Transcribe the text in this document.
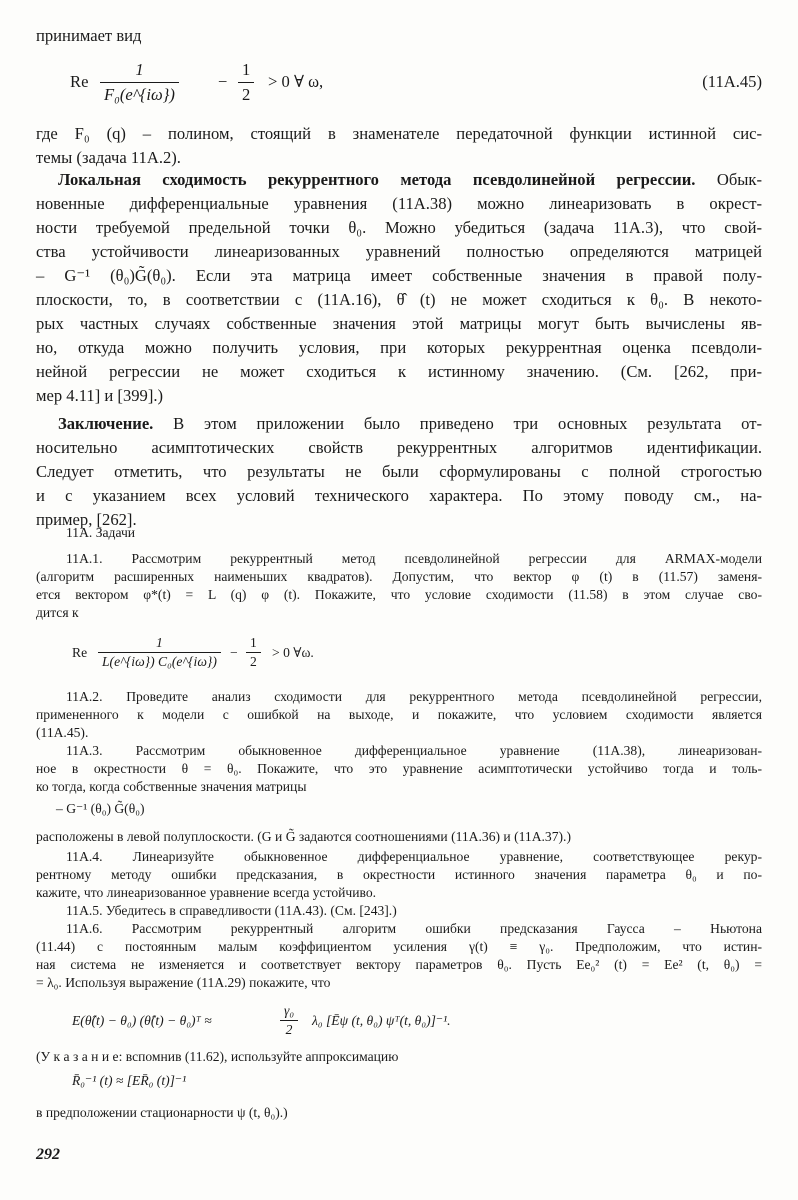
принимает вид
Re $\frac{1}{\text{F₀(e\textasciicircum{}\{iω\})}} - \frac{1}{2} > 0$ ∀ ω,	(11A.45)
где F₀ (q) – полином, стоящий в знаменателе передаточной функции истинной сис-
темы (задача 11А.2).
Локальная сходимость рекуррентного метода псевдолинейной регрессии. Обык-
новенные дифференциальные уравнения (11А.38) можно линеаризовать в окрест-
ности требуемой предельной точки θ₀. Можно убедиться (задача 11А.3), что свой-
ства устойчивости линеаризованных уравнений полностью определяются матрицей
– G⁻¹ (θ₀)G̃(θ₀). Если эта матрица имеет собственные значения в правой полу-
плоскости, то, в соответствии с (11А.16), θ̂ (t) не может сходиться к θ₀. В некото-
рых частных случаях собственные значения этой матрицы могут быть вычислены яв-
но, откуда можно получить условия, при которых рекуррентная оценка псевдоли-
нейной регрессии не может сходиться к истинному значению. (См. [262, при-
мер 4.11] и [399].)
Заключение. В этом приложении было приведено три основных результата от-
носительно асимптотических свойств рекуррентных алгоритмов идентификации.
Следует отметить, что результаты не были сформулированы с полной строгостью
и с указанием всех условий технического характера. По этому поводу см., на-
пример, [262].
11А. Задачи
11А.1. Рассмотрим рекуррентный метод псевдолинейной регрессии для ARMAX-модели
(алгоритм расширенных наименьших квадратов). Допустим, что вектор φ (t) в (11.57) заменя-
ется вектором φ*(t) = L (q) φ (t). Покажите, что условие сходимости (11.58) в этом случае сво-
дится к
Re $\frac{1}{\text{L(e\textasciicircum{}\{iω\}) C₀(e\textasciicircum{}\{iω\})}} - \frac{1}{2} > 0$ ∀ω.
11А.2. Проведите анализ сходимости для рекуррентного метода псевдолинейной регрессии,
примененного к модели с ошибкой на выходе, и покажите, что условием сходимости является
(11А.45).
11А.3. Рассмотрим обыкновенное дифференциальное уравнение (11А.38), линеаризован-
ное в окрестности θ = θ₀. Покажите, что это уравнение асимптотически устойчиво тогда и толь-
ко тогда, когда собственные значения матрицы
– G⁻¹ (θ₀) G̃(θ₀)
расположены в левой полуплоскости. (G и G̃ задаются соотношениями (11А.36) и (11А.37).)
11А.4. Линеаризуйте обыкновенное дифференциальное уравнение, соответствующее рекур-
рентному методу ошибки предсказания, в окрестности истинного значения параметра θ₀ и по-
кажите, что линеаризованное уравнение всегда устойчиво.
11А.5. Убедитесь в справедливости (11А.43). (См. [243].)
11А.6. Рассмотрим рекуррентный алгоритм ошибки предсказания Гаусса – Ньютона
(11.44) с постоянным малым коэффициентом усиления γ(t) ≡ γ₀. Предположим, что истин-
ная система не изменяется и соответствует вектору параметров θ₀. Пусть Ee₀² (t) = Ee² (t, θ₀) =
= λ₀. Используя выражение (11А.29) покажите, что
E(θ̂(t) − θ₀) (θ̂(t) − θ₀)ᵀ ≈	$\frac{\text{γ₀}}{2} \lambda_0$ [Ēψ (t, θ₀) ψᵀ(t, θ₀)]⁻¹.
(У к а з а н и е: вспомнив (11.62), используйте аппроксимацию
R̄₀⁻¹ (t) ≈ [ER̄₀ (t)]⁻¹
в предположении стационарности ψ (t, θ₀).)
292
